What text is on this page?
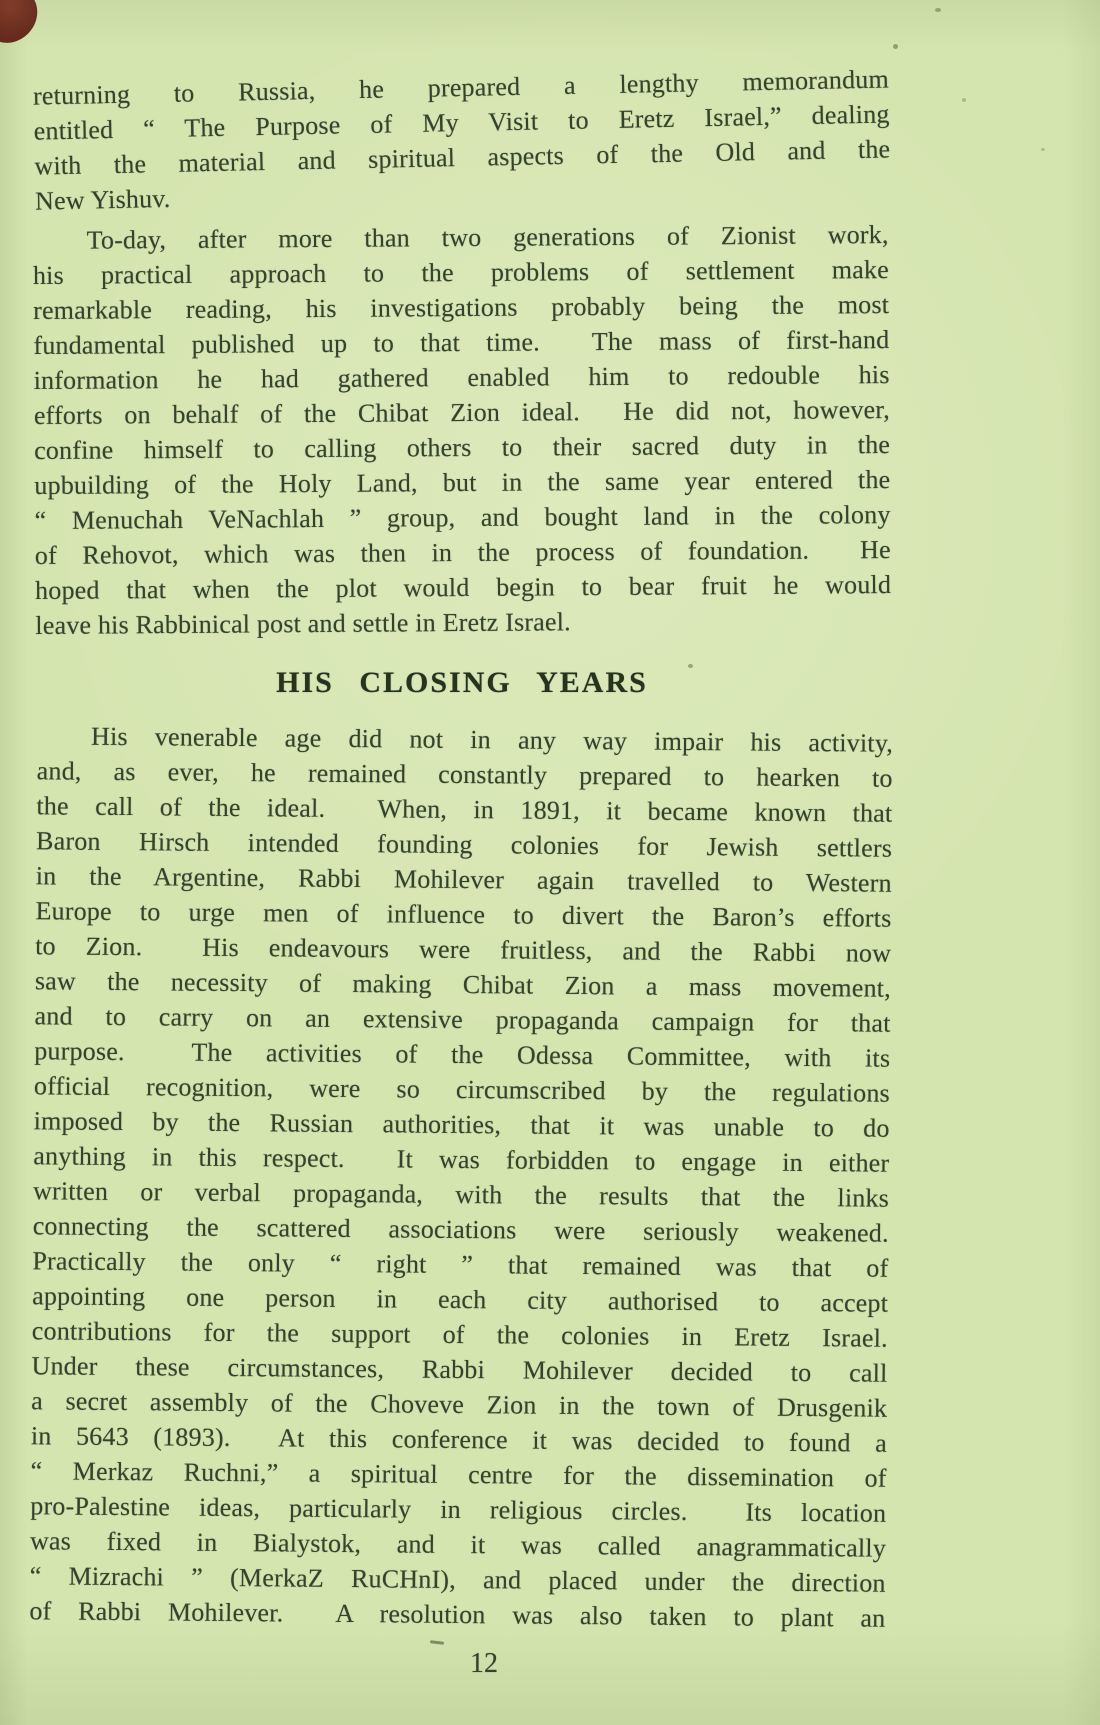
returning to Russia, he prepared a lengthy memorandum
entitled “ The Purpose of My Visit to Eretz Israel,” dealing
with the material and spiritual aspects of the Old and the
New Yishuv.
To-day, after more than two generations of Zionist work,
his practical approach to the problems of settlement make
remarkable reading, his investigations probably being the most
fundamental published up to that time.  The mass of first-hand
information he had gathered enabled him to redouble his
efforts on behalf of the Chibat Zion ideal.  He did not, however,
confine himself to calling others to their sacred duty in the
upbuilding of the Holy Land, but in the same year entered the
“ Menuchah VeNachlah ” group, and bought land in the colony
of Rehovot, which was then in the process of foundation.  He
hoped that when the plot would begin to bear fruit he would
leave his Rabbinical post and settle in Eretz Israel.
HIS CLOSING YEARS
His venerable age did not in any way impair his activity,
and, as ever, he remained constantly prepared to hearken to
the call of the ideal.  When, in 1891, it became known that
Baron Hirsch intended founding colonies for Jewish settlers
in the Argentine, Rabbi Mohilever again travelled to Western
Europe to urge men of influence to divert the Baron’s efforts
to Zion.  His endeavours were fruitless, and the Rabbi now
saw the necessity of making Chibat Zion a mass movement,
and to carry on an extensive propaganda campaign for that
purpose.  The activities of the Odessa Committee, with its
official recognition, were so circumscribed by the regulations
imposed by the Russian authorities, that it was unable to do
anything in this respect.  It was forbidden to engage in either
written or verbal propaganda, with the results that the links
connecting the scattered associations were seriously weakened.
Practically the only “ right ” that remained was that of
appointing one person in each city authorised to accept
contributions for the support of the colonies in Eretz Israel.
Under these circumstances, Rabbi Mohilever decided to call
a secret assembly of the Choveve Zion in the town of Drusgenik
in 5643 (1893).  At this conference it was decided to found a
“ Merkaz Ruchni,” a spiritual centre for the dissemination of
pro-Palestine ideas, particularly in religious circles.  Its location
was fixed in Bialystok, and it was called anagrammatically
“ Mizrachi ” (MerkaZ RuCHnI), and placed under the direction
of Rabbi Mohilever.  A resolution was also taken to plant an
12
